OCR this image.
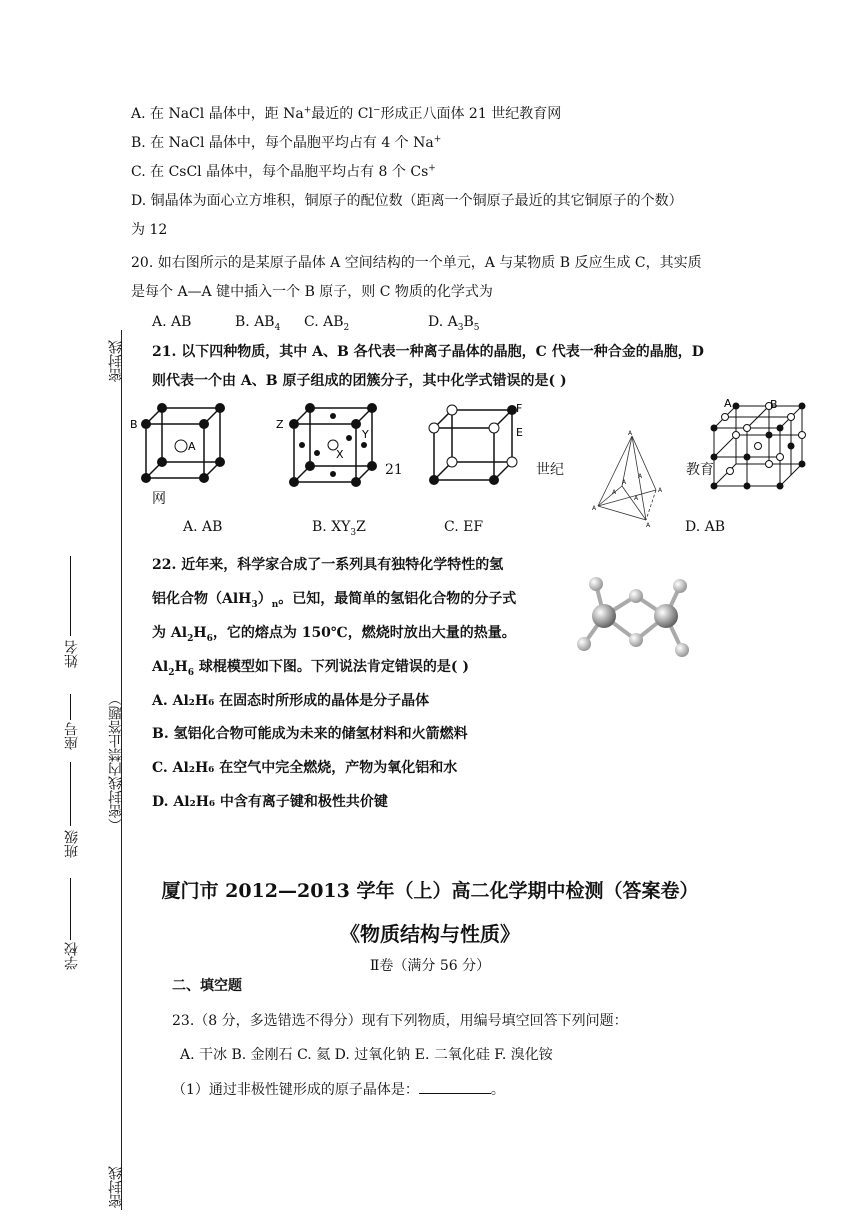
A. 在 NaCl 晶体中，距 Na+最近的 Cl−形成正八面体 21 世纪教育网
B. 在 NaCl 晶体中，每个晶胞平均占有 4 个 Na+
C. 在 CsCl 晶体中，每个晶胞平均占有 8 个 Cs+
D. 铜晶体为面心立方堆积，铜原子的配位数（距离一个铜原子最近的其它铜原子的个数）
为 12
20. 如右图所示的是某原子晶体 A 空间结构的一个单元，A 与某物质 B 反应生成 C，其实质
是每个 A—A 键中插入一个 B 原子，则 C 物质的化学式为
A. AB	B. $AB_4$ C. $AB_2$	D. $A_3B_5$
21. 以下四种物质，其中 A、B 各代表一种离子晶体的晶胞，C 代表一种合金的晶胞，D
则代表一个由 A、B 原子组成的团簇分子，其中化学式错误的是( )
B
A
Z
Y
X
21
F
E
世纪
A
A
A
A
A
A
A
A
教育
A	B
网
A. AB	B. $XY_3Z$	C. EF	D. AB
22. 近年来，科学家合成了一系列具有独特化学特性的氢
铝化合物$(AlH_3)_n$。已知，最简单的氢铝化合物的分子式
为 $Al_2H_6$，它的熔点为 150℃，燃烧时放出大量的热量。
$Al_2H_6$ 球棍模型如下图。下列说法肯定错误的是( )
A. Al₂H₆ 在固态时所形成的晶体是分子晶体
B. 氢铝化合物可能成为未来的储氢材料和火箭燃料
C. Al₂H₆ 在空气中完全燃烧，产物为氧化铝和水
D. Al₂H₆ 中含有离子键和极性共价键
厦门市 2012—2013 学年（上）高二化学期中检测（答案卷）
《物质结构与性质》
Ⅱ卷（满分 56 分）
二、填空题
23.（8 分，多选错选不得分）现有下列物质，用编号填空回答下列问题：
A. 干冰 B. 金刚石 C. 氦 D. 过氧化钠 E. 二氧化硅 F. 溴化铵
（1）通过非极性键形成的原子晶体是：	。
密封线
（密封线内禁止答题）
姓名
座号
班级
学校
密封线
